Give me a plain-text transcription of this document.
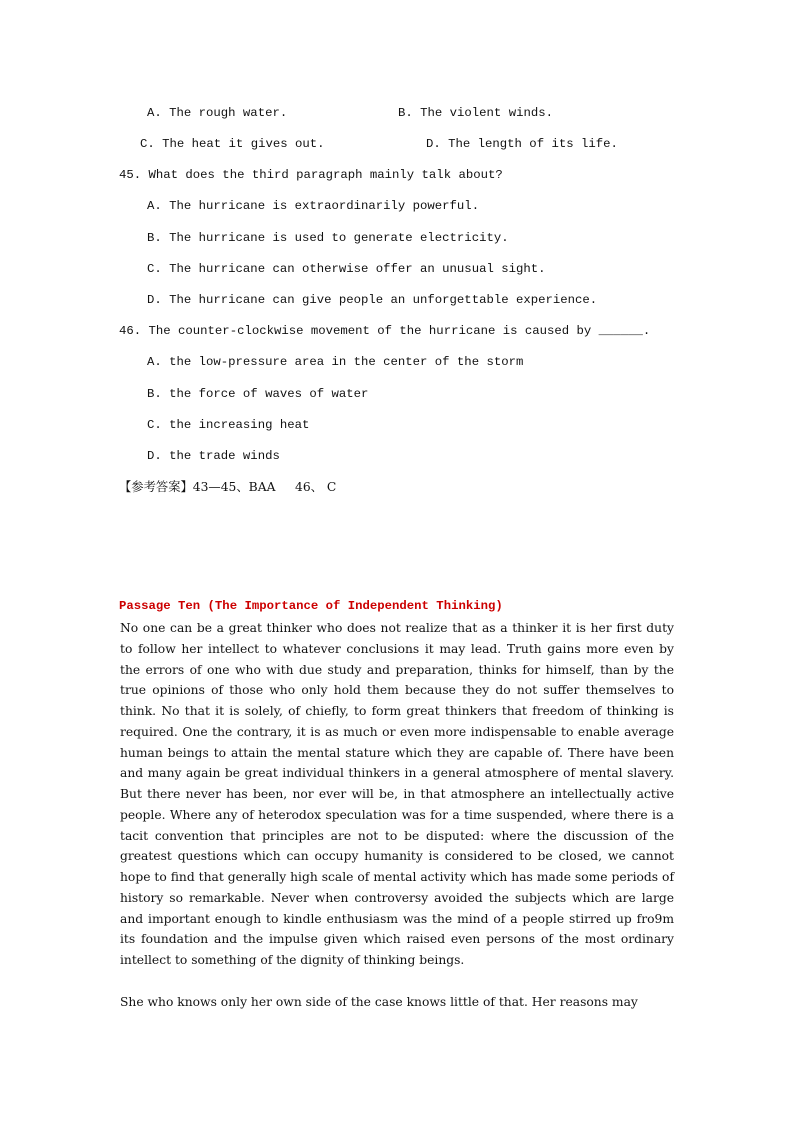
A. The rough water.	B. The violent winds.
C. The heat it gives out.	D. The length of its life.
45. What does the third paragraph mainly talk about?
A. The hurricane is extraordinarily powerful.
B. The hurricane is used to generate electricity.
C. The hurricane can otherwise offer an unusual sight.
D. The hurricane can give people an unforgettable experience.
46. The counter-clockwise movement of the hurricane is caused by ______.
A. the low-pressure area in the center of the storm
B. the force of waves of water
C. the increasing heat
D. the trade winds
【参考答案】43—45、BAA     46、 C
Passage Ten (The Importance of Independent Thinking)
No one can be a great thinker who does not realize that as a thinker it is her first duty to follow her intellect to whatever conclusions it may lead. Truth gains more even by the errors of one who with due study and preparation, thinks for himself, than by the true opinions of those who only hold them because they do not suffer themselves to think. No that it is solely, of chiefly, to form great thinkers that freedom of thinking is required. One the contrary, it is as much or even more indispensable to enable average human beings to attain the mental stature which they are capable of. There have been and many again be great individual thinkers in a general atmosphere of mental slavery. But there never has been, nor ever will be, in that atmosphere an intellectually active people. Where any of heterodox speculation was for a time suspended, where there is a tacit convention that principles are not to be disputed: where the discussion of the greatest questions which can occupy humanity is considered to be closed, we cannot hope to find that generally high scale of mental activity which has made some periods of history so remarkable. Never when controversy avoided the subjects which are large and important enough to kindle enthusiasm was the mind of a people stirred up fro9m its foundation and the impulse given which raised even persons of the most ordinary intellect to something of the dignity of thinking beings.
She who knows only her own side of the case knows little of that. Her reasons may
